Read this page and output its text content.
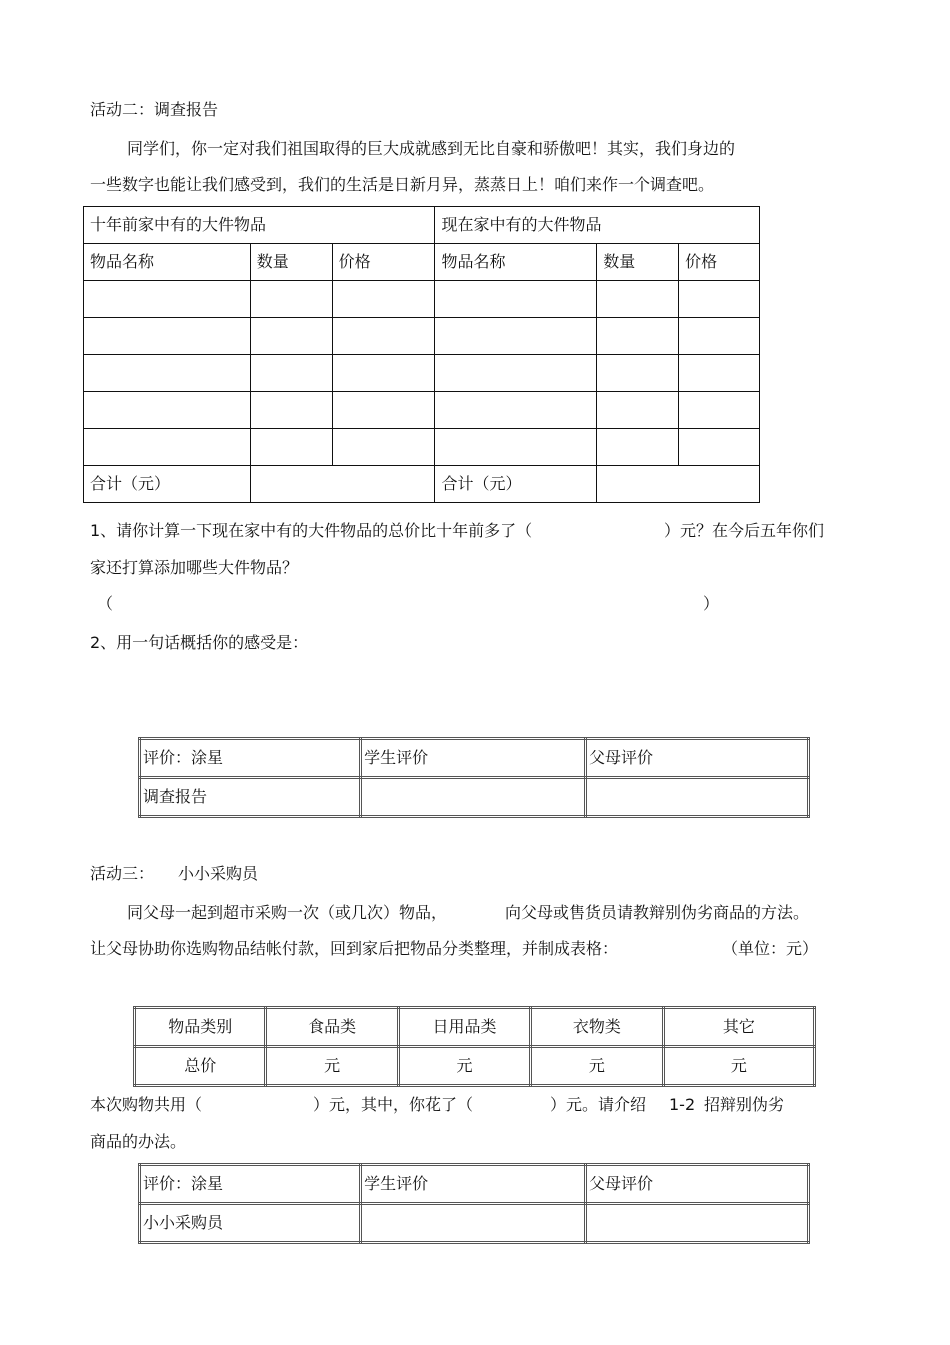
活动二：调查报告
同学们，你一定对我们祖国取得的巨大成就感到无比自豪和骄傲吧！其实，我们身边的
一些数字也能让我们感受到，我们的生活是日新月异，蒸蒸日上！咱们来作一个调查吧。
十年前家中有的大件物品			现在家中有的大件物品		
物品名称	数量	价格	物品名称	数量	价格

合计（元）			合计（元）		
1、请你计算一下现在家中有的大件物品的总价比十年前多了（	）元？在今后五年你们
家还打算添加哪些大件物品？
（	）
2、用一句话概括你的感受是：
评价：涂星	学生评价	父母评价
调查报告		
活动三： 小小采购员
同父母一起到超市采购一次（或几次）物品，	向父母或售货员请教辩别伪劣商品的方法。
让父母协助你选购物品结帐付款，回到家后把物品分类整理，并制成表格：	（单位：元）
物品类别	食品类	日用品类	衣物类	其它
总价	元	元	元	元
本次购物共用（	）元，其中，你花了（	）元。请介绍 1-2 招辩别伪劣
商品的办法。
评价：涂星	学生评价	父母评价
小小采购员		
